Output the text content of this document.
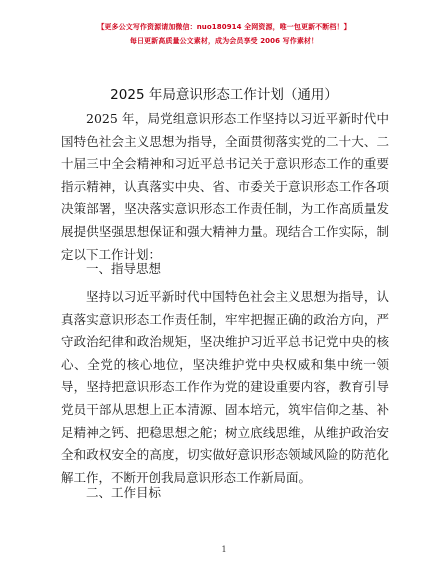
【更多公文写作资源请加微信：nuo180914 全网资源，唯一包更新不断档！】
每日更新高质量公文素材，成为会员享受 2006 写作素材！
2025 年局意识形态工作计划（通用）
2025 年，局党组意识形态工作坚持以习近平新时代中国特色社会主义思想为指导，全面贯彻落实党的二十大、二十届三中全会精神和习近平总书记关于意识形态工作的重要指示精神，认真落实中央、省、市委关于意识形态工作各项决策部署，坚决落实意识形态工作责任制，为工作高质量发展提供坚强思想保证和强大精神力量。现结合工作实际，制定以下工作计划：
一、指导思想
坚持以习近平新时代中国特色社会主义思想为指导，认真落实意识形态工作责任制，牢牢把握正确的政治方向，严守政治纪律和政治规矩，坚决维护习近平总书记党中央的核心、全党的核心地位，坚决维护党中央权威和集中统一领导，坚持把意识形态工作作为党的建设重要内容，教育引导党员干部从思想上正本清源、固本培元，筑牢信仰之基、补足精神之钙、把稳思想之舵；树立底线思维，从维护政治安全和政权安全的高度，切实做好意识形态领域风险的防范化解工作，不断开创我局意识形态工作新局面。
二、工作目标
1
